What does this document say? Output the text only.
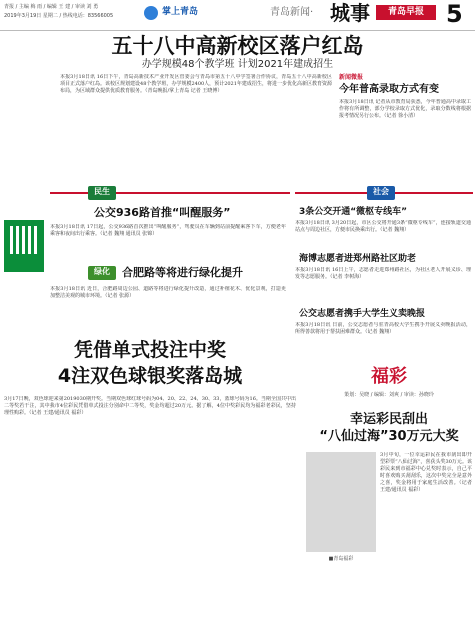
青报 / 主编 梅 雨 / 编辑 王 建 / 审读 刘 勇
2019年3月19日 星期二 / 热线电话：83566005	掌上青岛	青岛新闻· 城事	青岛早报 5
五十八中高新校区落户红岛
办学规模48个教学班 计划2021年建成招生
本报3月18日讯 16日下午，青岛高新技术产业开发区管委会与青岛市第五十八中学签署合作协议，青岛五十八中高新校区项目正式落户红岛。该校区规划建设48个教学班，办学规模2400人，预计2021年建成招生，将进一步优化高新区教育资源布局，为区域群众提供优质教育服务。（青岛晚报/掌上青岛 记者 王晓博）
新闻微报
今年普高录取方式有变
本报3月18日讯 记者从市教育局获悉，今年普通高中录取工作将有所调整，部分学校录取方式优化，录取分数线将根据报考情况另行公布。（记者 徐小清）
民生
公交936路首推“叫醒服务”
本报3月18日讯 17日起，公交936路首次推出“叫醒服务”，驾驶员在车辆到站前提醒乘客下车，方便老年乘客和夜间出行乘客。（记者 魏翔 通讯员 张锦）
社会
3条公交开通“微枢专线车”
本报3月18日讯 3月20日起，市区公交将开通3条“微枢专线车”，连接轨道交通站点与周边社区，方便市民换乘出行。（记者 魏翔）
海博志愿者进郑州路社区助老
本报3月18日讯 16日上午，志愿者走进郑州路社区，为社区老人开展义诊、理发等志愿服务。（记者 李树海）
绿化	合肥路等将进行绿化提升
本报3月18日讯 近日，合肥路周边公园、道路等将进行绿化提升改造，通过补植花木、优化景观，打造更加整洁美观的城市环境。（记者 张源）
公交志愿者携手大学生义卖晚报
本报3月18日讯 日前，公交志愿者与驻青高校大学生携手开展义卖晚报活动，所得善款将用于帮扶困难群众。（记者 魏翔）
凭借单式投注中奖
4注双色球银奖落岛城
3月17日晚，双色球迎来第2019030期开奖。当期双色球红球号码为04、20、22、24、30、33，蓝球号码为16。当期全国共中出二等奖若干注，其中我市4位彩民凭借单式投注分别命中二等奖，奖金均超过20万元。据了解，4位中奖彩民均为福彩老彩民，坚持理性购彩。（记者 王建/通讯员 福彩）
福彩
策划：吴晓 / 编辑：刘爽 / 审读：孙晓玲
幸运彩民刮出
“八仙过海”30万元大奖
3月中旬，一位幸运彩民在我市刮出即开型彩票“八仙过海”，喜获头奖30万元。该彩民来到市福彩中心兑奖时表示，自己平时喜欢购买刮刮乐，这次中奖完全是意外之喜，奖金将用于家庭生活改善。（记者 王建/通讯员 福彩）
■青岛福彩
